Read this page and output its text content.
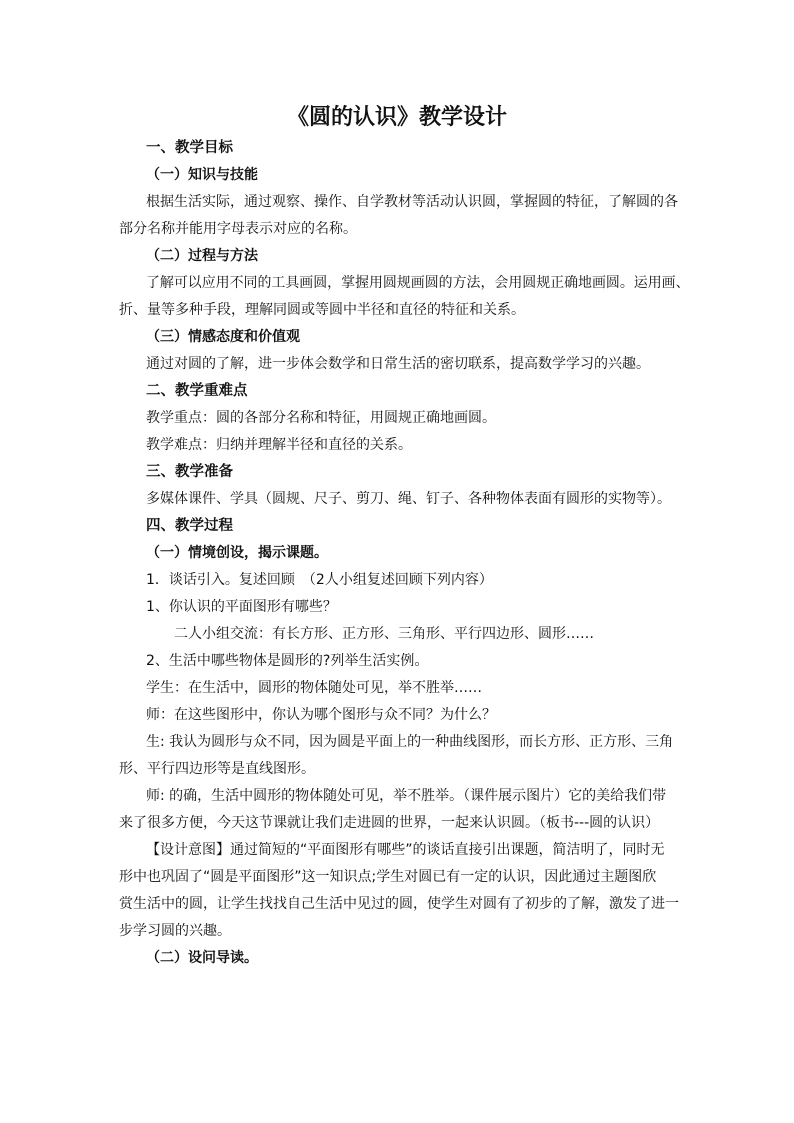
《圆的认识》教学设计
一、教学目标
（一）知识与技能
根据生活实际，通过观察、操作、自学教材等活动认识圆，掌握圆的特征，了解圆的各
部分名称并能用字母表示对应的名称。
（二）过程与方法
了解可以应用不同的工具画圆，掌握用圆规画圆的方法，会用圆规正确地画圆。运用画、
折、量等多种手段，理解同圆或等圆中半径和直径的特征和关系。
（三）情感态度和价值观
通过对圆的了解，进一步体会数学和日常生活的密切联系，提高数学学习的兴趣。
二、教学重难点
教学重点：圆的各部分名称和特征，用圆规正确地画圆。
教学难点：归纳并理解半径和直径的关系。
三、教学准备
多媒体课件、学具（圆规、尺子、剪刀、绳、钉子、各种物体表面有圆形的实物等）。
四、教学过程
（一）情境创设，揭示课题。
1．谈话引入。复述回顾　（2人小组复述回顾下列内容）
1、你认识的平面图形有哪些？
二人小组交流：有长方形、正方形、三角形、平行四边形、圆形……
2、生活中哪些物体是圆形的?列举生活实例。
学生：在生活中，圆形的物体随处可见，举不胜举……
师：在这些图形中，你认为哪个图形与众不同？为什么？
生: 我认为圆形与众不同，因为圆是平面上的一种曲线图形，而长方形、正方形、三角
形、平行四边形等是直线图形。
师: 的确，生活中圆形的物体随处可见，举不胜举。（课件展示图片）它的美给我们带
来了很多方便，今天这节课就让我们走进圆的世界，一起来认识圆。（板书---圆的认识）
【设计意图】通过简短的“平面图形有哪些”的谈话直接引出课题，简洁明了，同时无
形中也巩固了“圆是平面图形”这一知识点;学生对圆已有一定的认识，因此通过主题图欣
赏生活中的圆，让学生找找自己生活中见过的圆，使学生对圆有了初步的了解，激发了进一
步学习圆的兴趣。
（二）设问导读。
